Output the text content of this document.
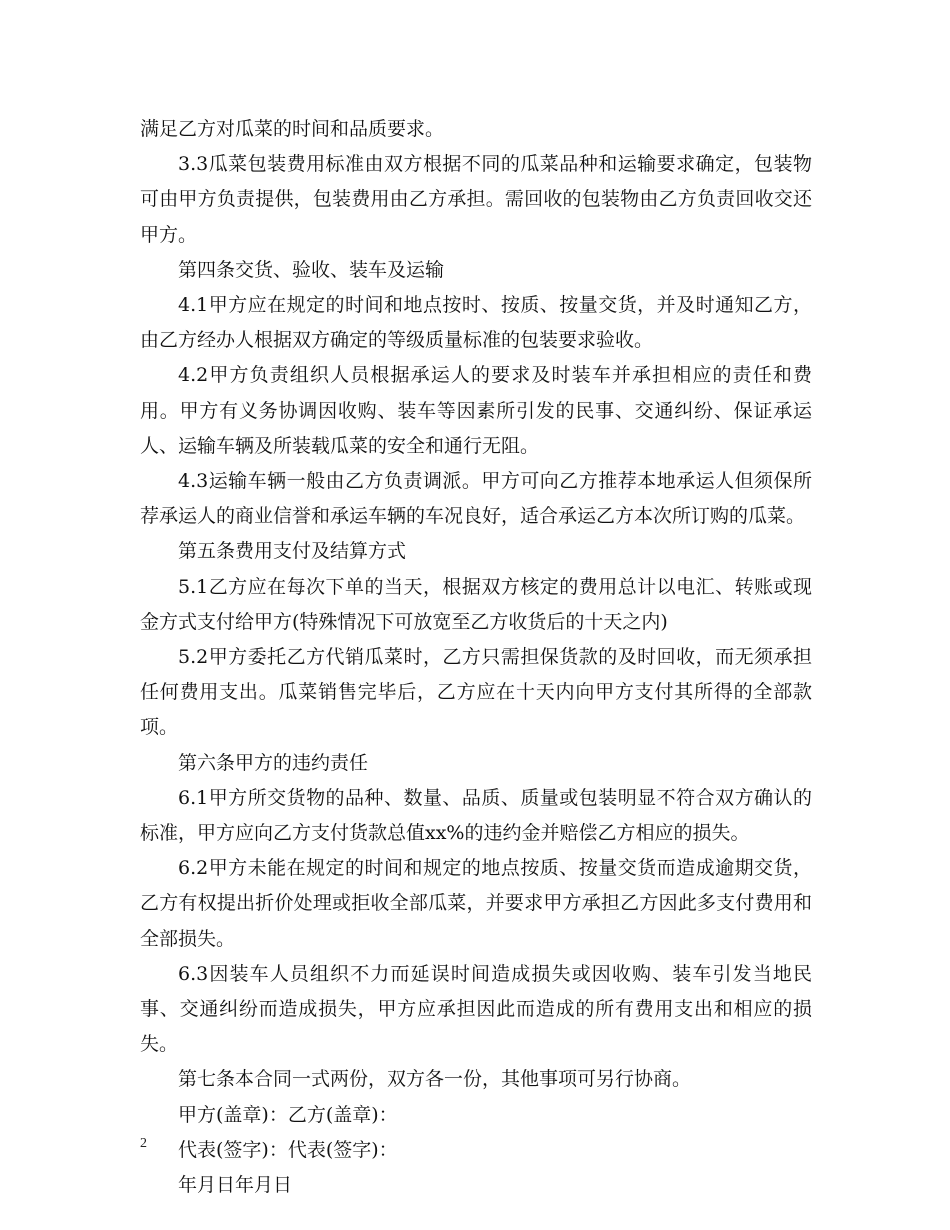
满足乙方对瓜菜的时间和品质要求。

3.3瓜菜包装费用标准由双方根据不同的瓜菜品种和运输要求确定，包装物可由甲方负责提供，包装费用由乙方承担。需回收的包装物由乙方负责回收交还甲方。

第四条交货、验收、装车及运输

4.1甲方应在规定的时间和地点按时、按质、按量交货，并及时通知乙方，由乙方经办人根据双方确定的等级质量标准的包装要求验收。

4.2甲方负责组织人员根据承运人的要求及时装车并承担相应的责任和费用。甲方有义务协调因收购、装车等因素所引发的民事、交通纠纷、保证承运人、运输车辆及所装载瓜菜的安全和通行无阻。

4.3运输车辆一般由乙方负责调派。甲方可向乙方推荐本地承运人但须保所荐承运人的商业信誉和承运车辆的车况良好，适合承运乙方本次所订购的瓜菜。

第五条费用支付及结算方式

5.1乙方应在每次下单的当天，根据双方核定的费用总计以电汇、转账或现金方式支付给甲方(特殊情况下可放宽至乙方收货后的十天之内)

5.2甲方委托乙方代销瓜菜时，乙方只需担保货款的及时回收，而无须承担任何费用支出。瓜菜销售完毕后，乙方应在十天内向甲方支付其所得的全部款项。

第六条甲方的违约责任

6.1甲方所交货物的品种、数量、品质、质量或包装明显不符合双方确认的标准，甲方应向乙方支付货款总值xx%的违约金并赔偿乙方相应的损失。

6.2甲方未能在规定的时间和规定的地点按质、按量交货而造成逾期交货，乙方有权提出折价处理或拒收全部瓜菜，并要求甲方承担乙方因此多支付费用和全部损失。

6.3因装车人员组织不力而延误时间造成损失或因收购、装车引发当地民事、交通纠纷而造成损失，甲方应承担因此而造成的所有费用支出和相应的损失。

第七条本合同一式两份，双方各一份，其他事项可另行协商。

甲方(盖章)：乙方(盖章)：

代表(签字)：代表(签字)：

年月日年月日

2
